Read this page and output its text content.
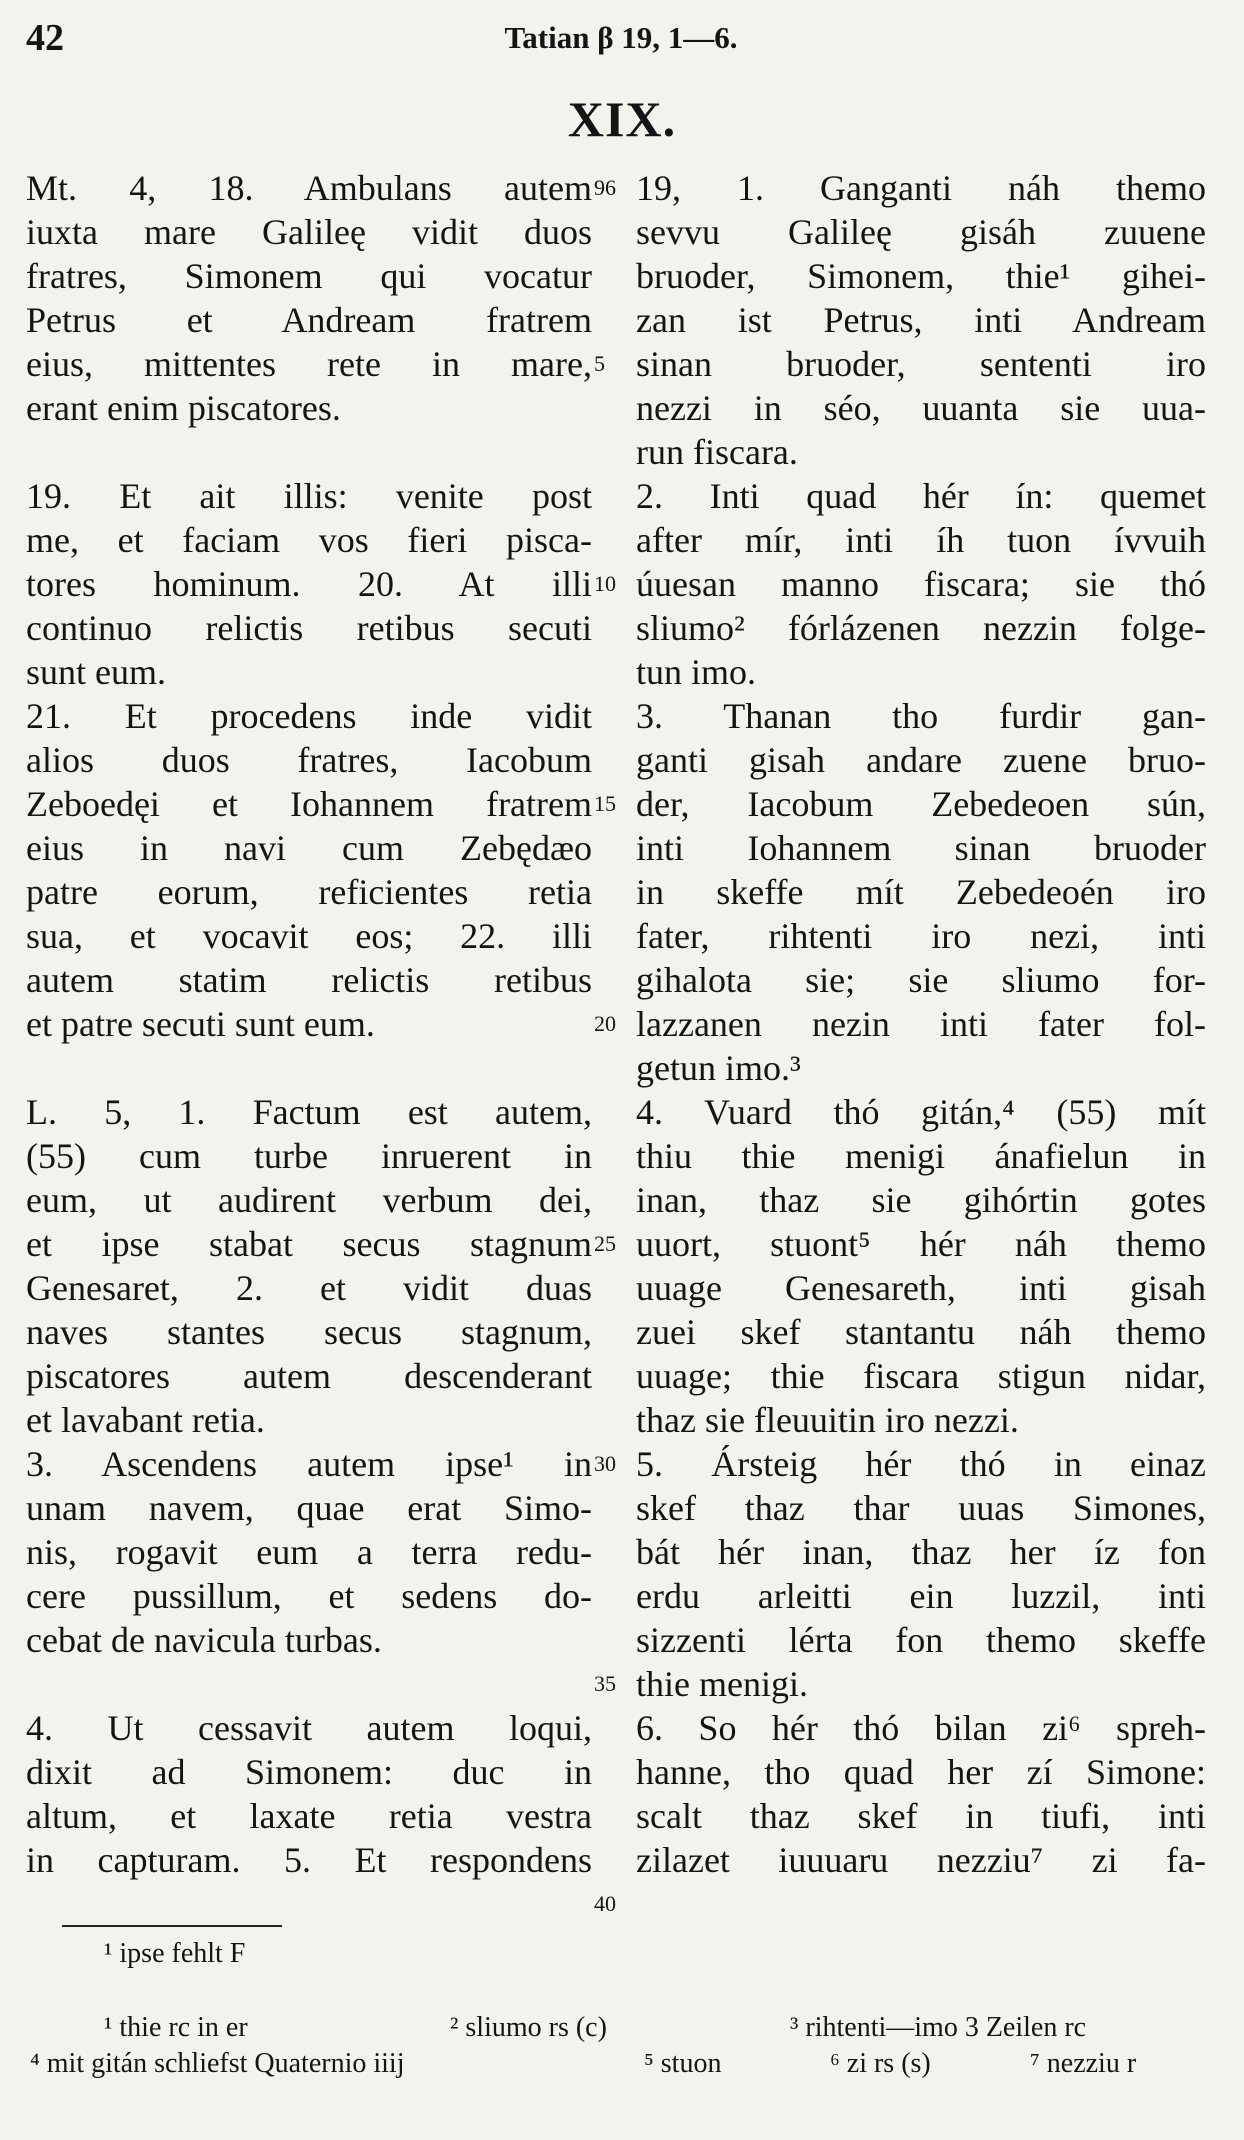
42	Tatian β 19, 1—6.
XIX.
Mt. 4, 18. Ambulans autem
iuxta mare Galileę vidit duos
fratres, Simonem qui vocatur
Petrus et Andream fratrem
eius, mittentes rete in mare,
erant enim piscatores.
19. Et ait illis: venite post
me, et faciam vos fieri pisca-
tores hominum. 20. At illi
continuo relictis retibus secuti
sunt eum.
21. Et procedens inde vidit
alios duos fratres, Iacobum
Zeboedęi et Iohannem fratrem
eius in navi cum Zebędæo
patre eorum, reficientes retia
sua, et vocavit eos; 22. illi
autem statim relictis retibus
et patre secuti sunt eum.
L. 5, 1. Factum est autem,
(55) cum turbe inruerent in
eum, ut audirent verbum dei,
et ipse stabat secus stagnum
Genesaret, 2. et vidit duas
naves stantes secus stagnum,
piscatores autem descenderant
et lavabant retia.
3. Ascendens autem ipse¹ in
unam navem, quae erat Simo-
nis, rogavit eum a terra redu-
cere pussillum, et sedens do-
cebat de navicula turbas.
4. Ut cessavit autem loqui,
dixit ad Simonem: duc in
altum, et laxate retia vestra
in capturam. 5. Et respondens
19, 1. Ganganti náh themo
sevvu Galileę gisáh zuuene
bruoder, Simonem, thie¹ gihei-
zan ist Petrus, inti Andream
sinan bruoder, sententi iro
nezzi in séo, uuanta sie uua-
run fiscara.
2. Inti quad hér ín: quemet
after mír, inti íh tuon ívvuih
úuesan manno fiscara; sie thó
sliumo² fórlázenen nezzin folge-
tun imo.
3. Thanan tho furdir gan-
ganti gisah andare zuene bruo-
der, Iacobum Zebedeoen sún,
inti Iohannem sinan bruoder
in skeffe mít Zebedeoén iro
fater, rihtenti iro nezi, inti
gihalota sie; sie sliumo for-
lazzanen nezin inti fater fol-
getun imo.³
4. Vuard thó gitán,⁴ (55) mít
thiu thie menigi ánafielun in
inan, thaz sie gihórtin gotes
uuort, stuont⁵ hér náh themo
uuage Genesareth, inti gisah
zuei skef stantantu náh themo
uuage; thie fiscara stigun nidar,
thaz sie fleuuitin iro nezzi.
5. Ársteig hér thó in einaz
skef thaz thar uuas Simones,
bát hér inan, thaz her íz fon
erdu arleitti ein luzzil, inti
sizzenti lérta fon themo skeffe
thie menigi.
6. So hér thó bilan zi⁶ spreh-
hanne, tho quad her zí Simone:
scalt thaz skef in tiufi, inti
zilazet iuuuaru nezziu⁷ zi fa-
96
5
10
15
20
25
30
35
40
¹ ipse fehlt F
¹ thie rc in er	² sliumo rs (c)	³ rihtenti—imo 3 Zeilen rc
⁴ mit gitán schliefst Quaternio iiij	⁵ stuon	⁶ zi rs (s)	⁷ nezziu r
